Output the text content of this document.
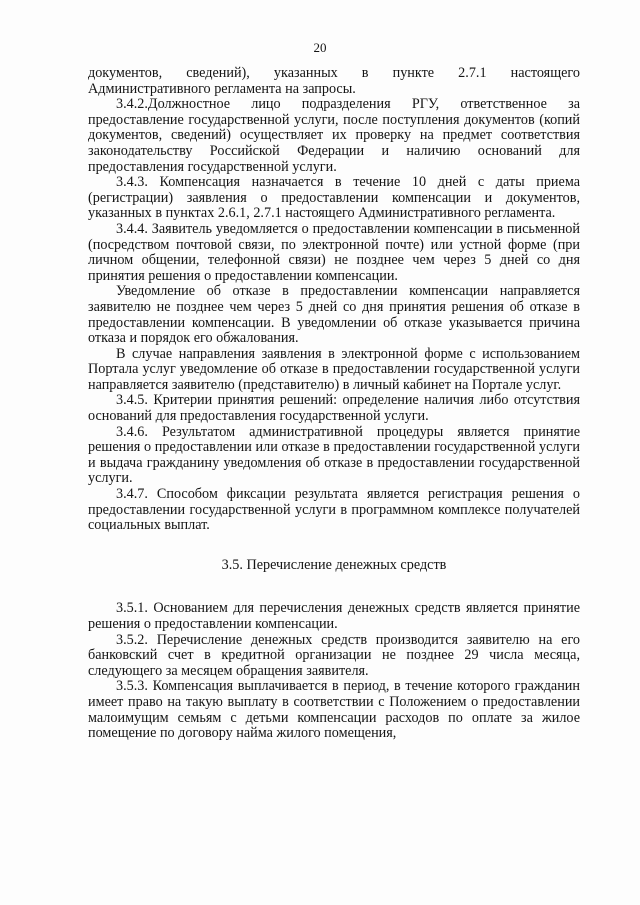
20

документов, сведений), указанных в пункте 2.7.1 настоящего Административного регламента на запросы.

3.4.2.Должностное лицо подразделения РГУ, ответственное за предоставление государственной услуги, после поступления документов (копий документов, сведений) осуществляет их проверку на предмет соответствия законодательству Российской Федерации и наличию оснований для предоставления государственной услуги.

3.4.3. Компенсация назначается в течение 10 дней с даты приема (регистрации) заявления о предоставлении компенсации и документов, указанных в пунктах 2.6.1, 2.7.1 настоящего Административного регламента.

3.4.4. Заявитель уведомляется о предоставлении компенсации в письменной (посредством почтовой связи, по электронной почте) или устной форме (при личном общении, телефонной связи) не позднее чем через 5 дней со дня принятия решения о предоставлении компенсации.

Уведомление об отказе в предоставлении компенсации направляется заявителю не позднее чем через 5 дней со дня принятия решения об отказе в предоставлении компенсации. В уведомлении об отказе указывается причина отказа и порядок его обжалования.

В случае направления заявления в электронной форме с использованием Портала услуг уведомление об отказе в предоставлении государственной услуги направляется заявителю (представителю) в личный кабинет на Портале услуг.

3.4.5. Критерии принятия решений: определение наличия либо отсутствия оснований для предоставления государственной услуги.

3.4.6. Результатом административной процедуры является принятие решения о предоставлении или отказе в предоставлении государственной услуги и выдача гражданину уведомления об отказе в предоставлении государственной услуги.

3.4.7. Способом фиксации результата является регистрация решения о предоставлении государственной услуги в программном комплексе получателей социальных выплат.

3.5. Перечисление денежных средств

3.5.1. Основанием для перечисления денежных средств является принятие решения о предоставлении компенсации.

3.5.2. Перечисление денежных средств производится заявителю на его банковский счет в кредитной организации не позднее 29 числа месяца, следующего за месяцем обращения заявителя.

3.5.3. Компенсация выплачивается в период, в течение которого гражданин имеет право на такую выплату в соответствии с Положением о предоставлении малоимущим семьям с детьми компенсации расходов по оплате за жилое помещение по договору найма жилого помещения,
